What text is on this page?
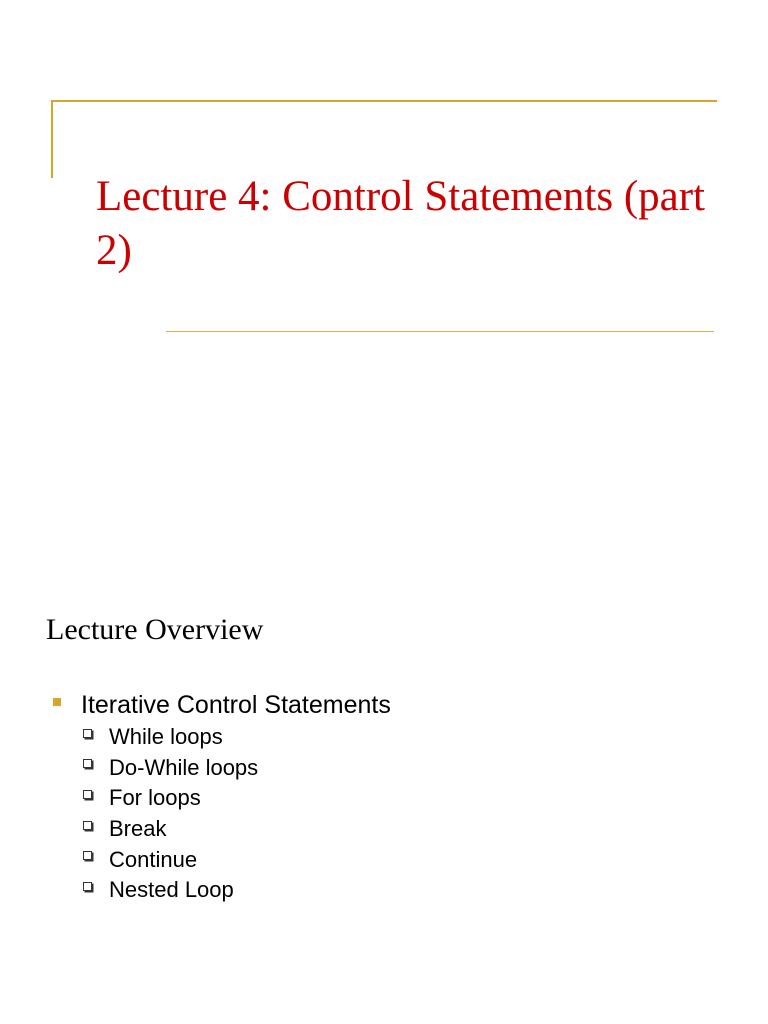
Lecture 4: Control Statements (part 2)
Lecture Overview
Iterative Control Statements
While loops
Do-While loops
For loops
Break
Continue
Nested Loop
